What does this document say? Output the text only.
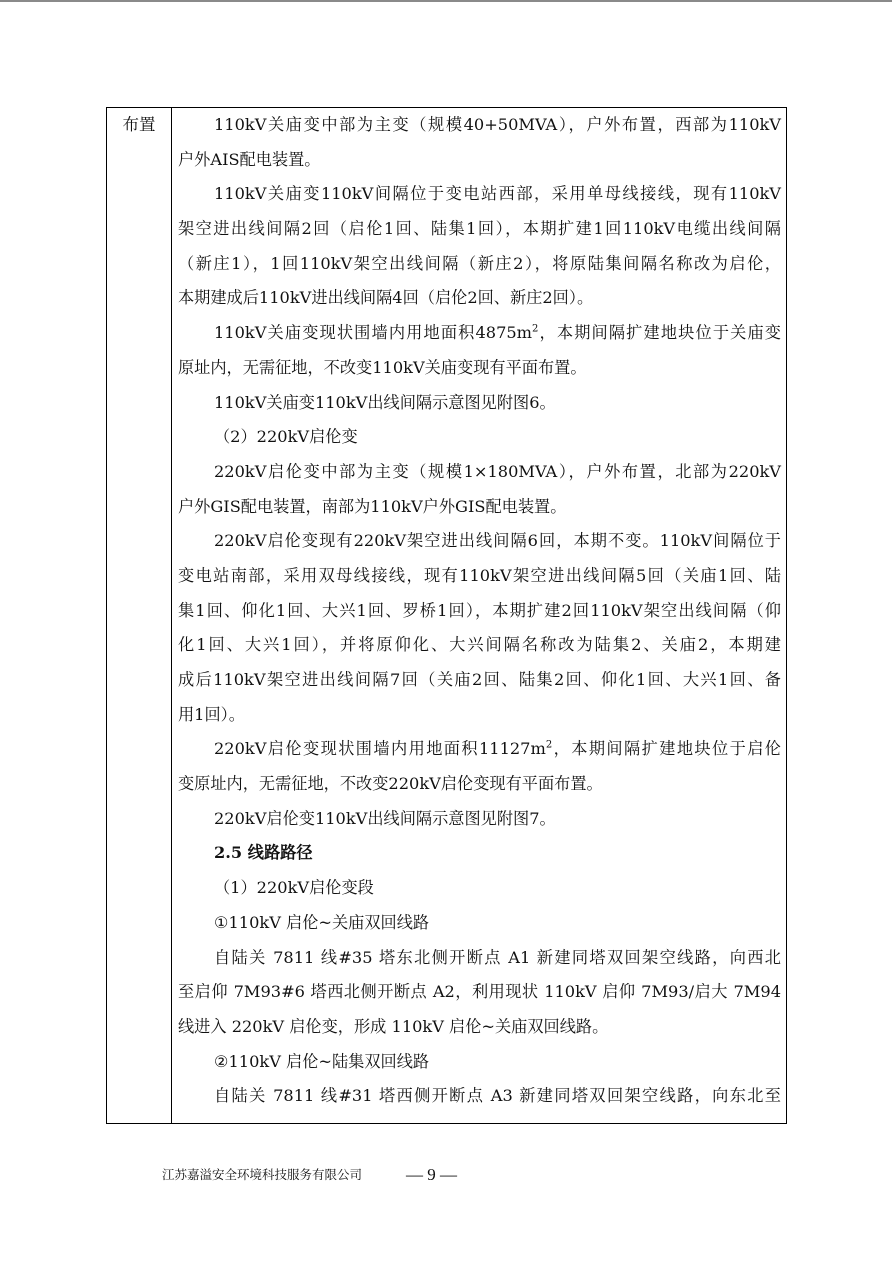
布置	110kV关庙变中部为主变（规模40+50MVA），户外布置，西部为110kV
户外AIS配电装置。
110kV关庙变110kV间隔位于变电站西部，采用单母线接线，现有110kV
架空进出线间隔2回（启伦1回、陆集1回），本期扩建1回110kV电缆出线间隔
（新庄1），1回110kV架空出线间隔（新庄2），将原陆集间隔名称改为启伦，
本期建成后110kV进出线间隔4回（启伦2回、新庄2回）。
110kV关庙变现状围墙内用地面积$4875m^2$，本期间隔扩建地块位于关庙变
原址内，无需征地，不改变110kV关庙变现有平面布置。
110kV关庙变110kV出线间隔示意图见附图6。
（2）220kV启伦变
220kV启伦变中部为主变（规模1×180MVA），户外布置，北部为220kV
户外GIS配电装置，南部为110kV户外GIS配电装置。
220kV启伦变现有220kV架空进出线间隔6回，本期不变。110kV间隔位于
变电站南部，采用双母线接线，现有110kV架空进出线间隔5回（关庙1回、陆
集1回、仰化1回、大兴1回、罗桥1回），本期扩建2回110kV架空出线间隔（仰
化1回、大兴1回），并将原仰化、大兴间隔名称改为陆集2、关庙2，本期建
成后110kV架空进出线间隔7回（关庙2回、陆集2回、仰化1回、大兴1回、备
用1回）。
220kV启伦变现状围墙内用地面积$11127m^2$，本期间隔扩建地块位于启伦
变原址内，无需征地，不改变220kV启伦变现有平面布置。
220kV启伦变110kV出线间隔示意图见附图7。
2.5 线路路径
（1）220kV启伦变段
①110kV 启伦~关庙双回线路
自陆关 7811 线#35 塔东北侧开断点 A1 新建同塔双回架空线路，向西北
至启仰 7M93#6 塔西北侧开断点 A2，利用现状 110kV 启仰 7M93/启大 7M94
线进入 220kV 启伦变，形成 110kV 启伦~关庙双回线路。
②110kV 启伦~陆集双回线路
自陆关 7811 线#31 塔西侧开断点 A3 新建同塔双回架空线路，向东北至
江苏嘉溢安全环境科技服务有限公司	— 9 —
